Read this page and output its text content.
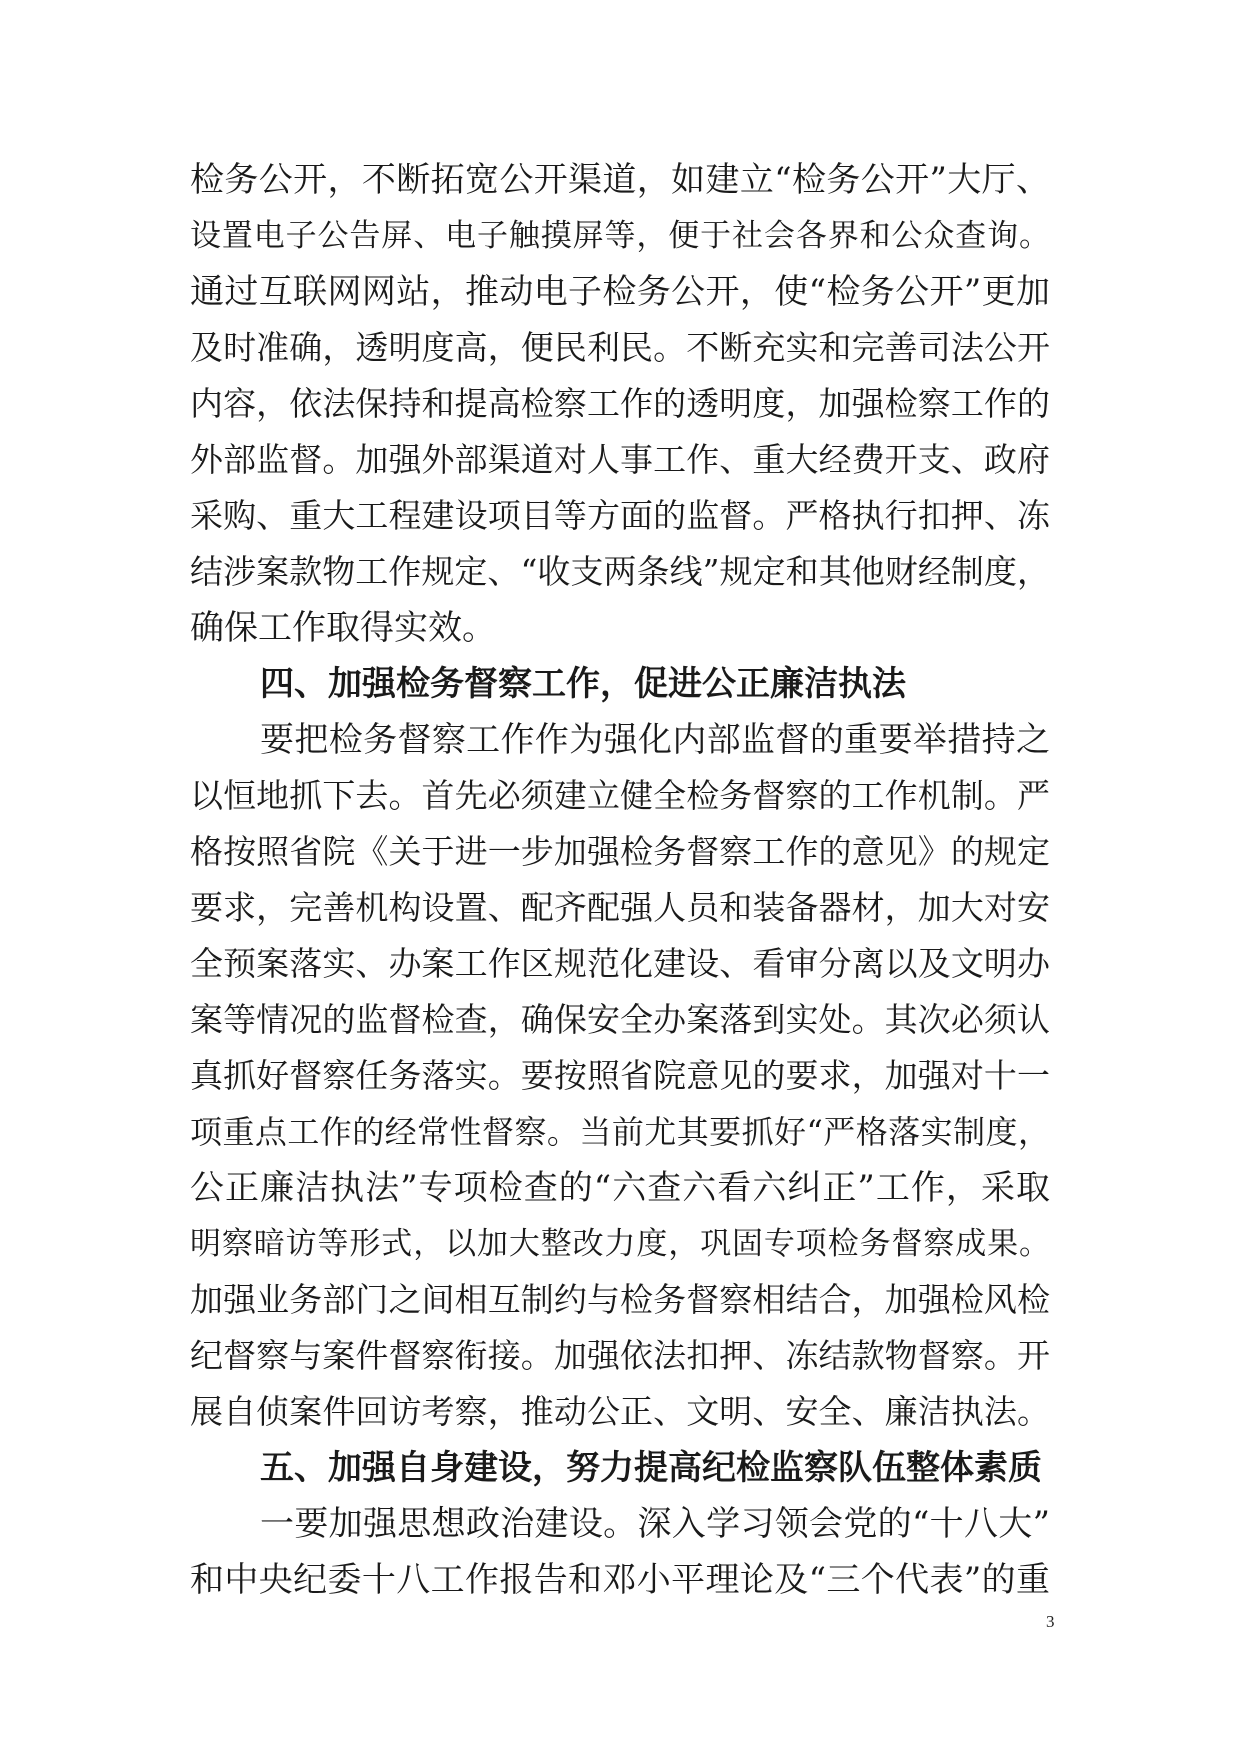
检务公开，不断拓宽公开渠道，如建立“检务公开”大厅、
设置电子公告屏、电子触摸屏等，便于社会各界和公众查询。
通过互联网网站，推动电子检务公开，使“检务公开”更加
及时准确，透明度高，便民利民。不断充实和完善司法公开
内容，依法保持和提高检察工作的透明度，加强检察工作的
外部监督。加强外部渠道对人事工作、重大经费开支、政府
采购、重大工程建设项目等方面的监督。严格执行扣押、冻
结涉案款物工作规定、“收支两条线”规定和其他财经制度，
确保工作取得实效。
四、加强检务督察工作，促进公正廉洁执法
要把检务督察工作作为强化内部监督的重要举措持之
以恒地抓下去。首先必须建立健全检务督察的工作机制。严
格按照省院《关于进一步加强检务督察工作的意见》的规定
要求，完善机构设置、配齐配强人员和装备器材，加大对安
全预案落实、办案工作区规范化建设、看审分离以及文明办
案等情况的监督检查，确保安全办案落到实处。其次必须认
真抓好督察任务落实。要按照省院意见的要求，加强对十一
项重点工作的经常性督察。当前尤其要抓好“严格落实制度，
公正廉洁执法”专项检查的“六查六看六纠正”工作，采取
明察暗访等形式，以加大整改力度，巩固专项检务督察成果。
加强业务部门之间相互制约与检务督察相结合，加强检风检
纪督察与案件督察衔接。加强依法扣押、冻结款物督察。开
展自侦案件回访考察，推动公正、文明、安全、廉洁执法。
五、加强自身建设，努力提高纪检监察队伍整体素质
一要加强思想政治建设。深入学习领会党的“十八大”
和中央纪委十八工作报告和邓小平理论及“三个代表”的重
3
